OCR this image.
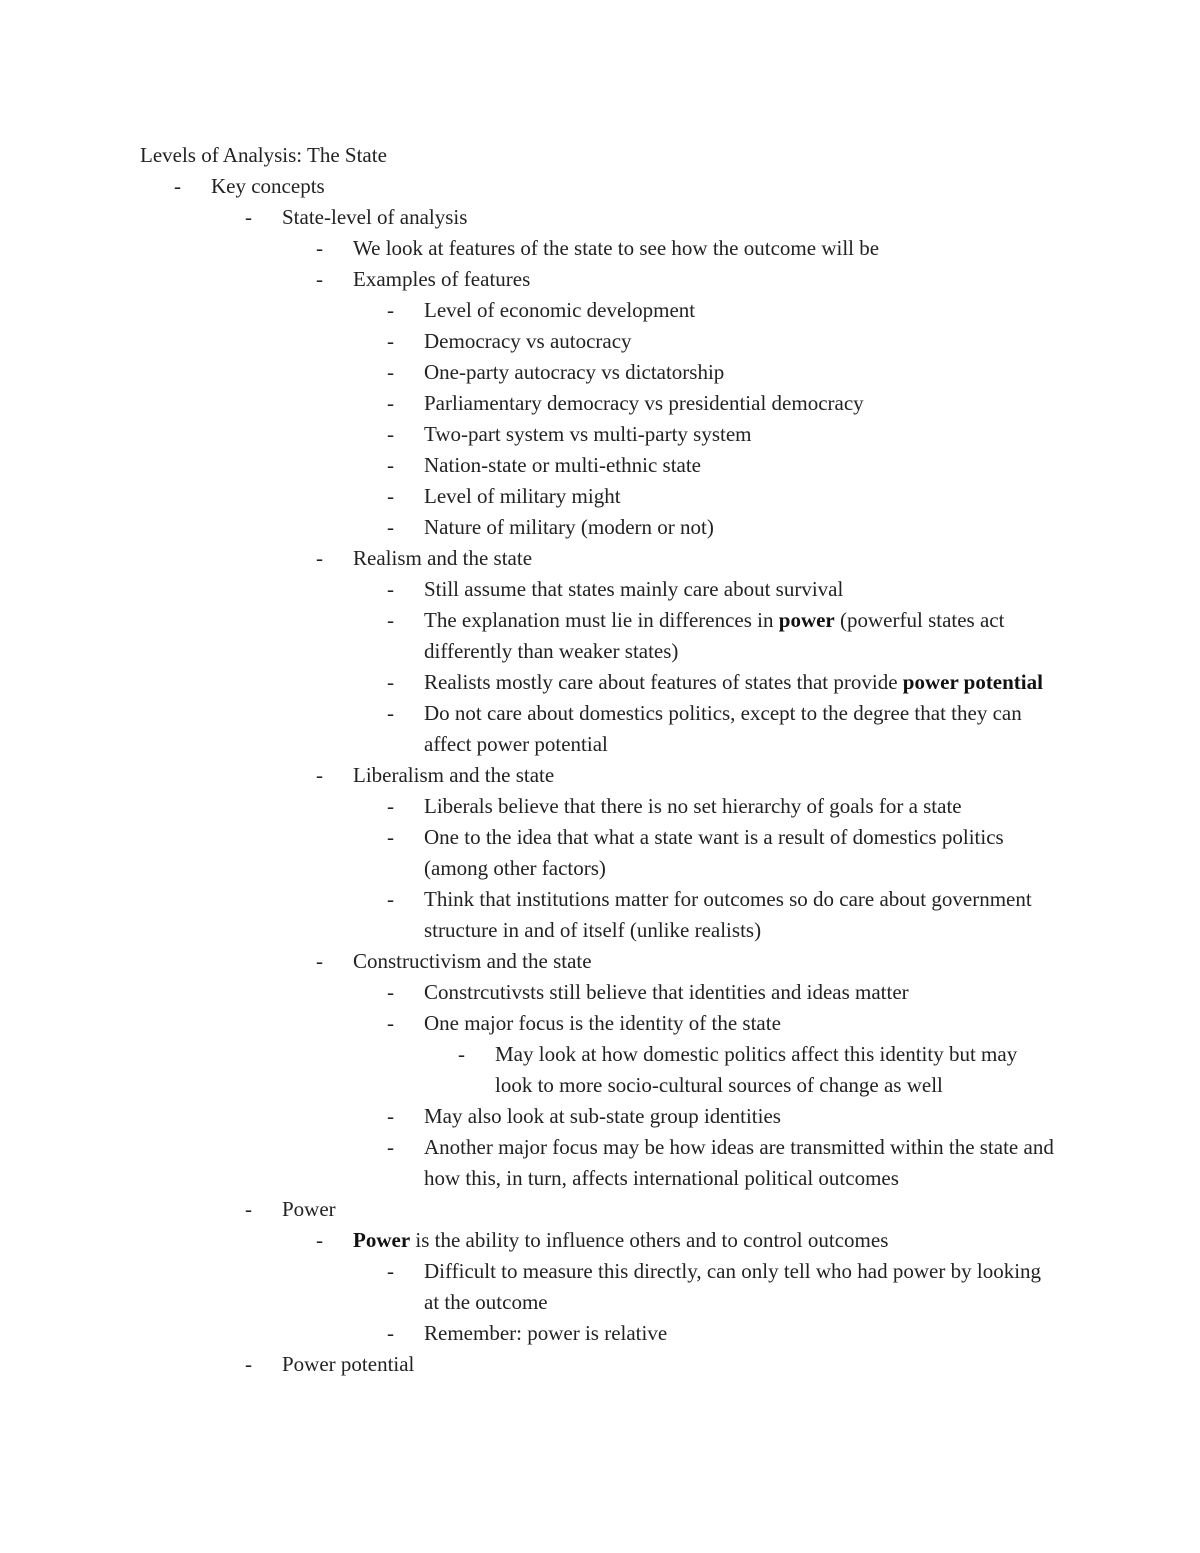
Levels of Analysis: The State
- Key concepts
- State-level of analysis
- We look at features of the state to see how the outcome will be
- Examples of features
- Level of economic development
- Democracy vs autocracy
- One-party autocracy vs dictatorship
- Parliamentary democracy vs presidential democracy
- Two-part system vs multi-party system
- Nation-state or multi-ethnic state
- Level of military might
- Nature of military (modern or not)
- Realism and the state
- Still assume that states mainly care about survival
- The explanation must lie in differences in power (powerful states act differently than weaker states)
- Realists mostly care about features of states that provide power potential
- Do not care about domestics politics, except to the degree that they can affect power potential
- Liberalism and the state
- Liberals believe that there is no set hierarchy of goals for a state
- One to the idea that what a state want is a result of domestics politics (among other factors)
- Think that institutions matter for outcomes so do care about government structure in and of itself (unlike realists)
- Constructivism and the state
- Constrcutivsts still believe that identities and ideas matter
- One major focus is the identity of the state
- May look at how domestic politics affect this identity but may look to more socio-cultural sources of change as well
- May also look at sub-state group identities
- Another major focus may be how ideas are transmitted within the state and how this, in turn, affects international political outcomes
- Power
- Power is the ability to influence others and to control outcomes
- Difficult to measure this directly, can only tell who had power by looking at the outcome
- Remember: power is relative
- Power potential
